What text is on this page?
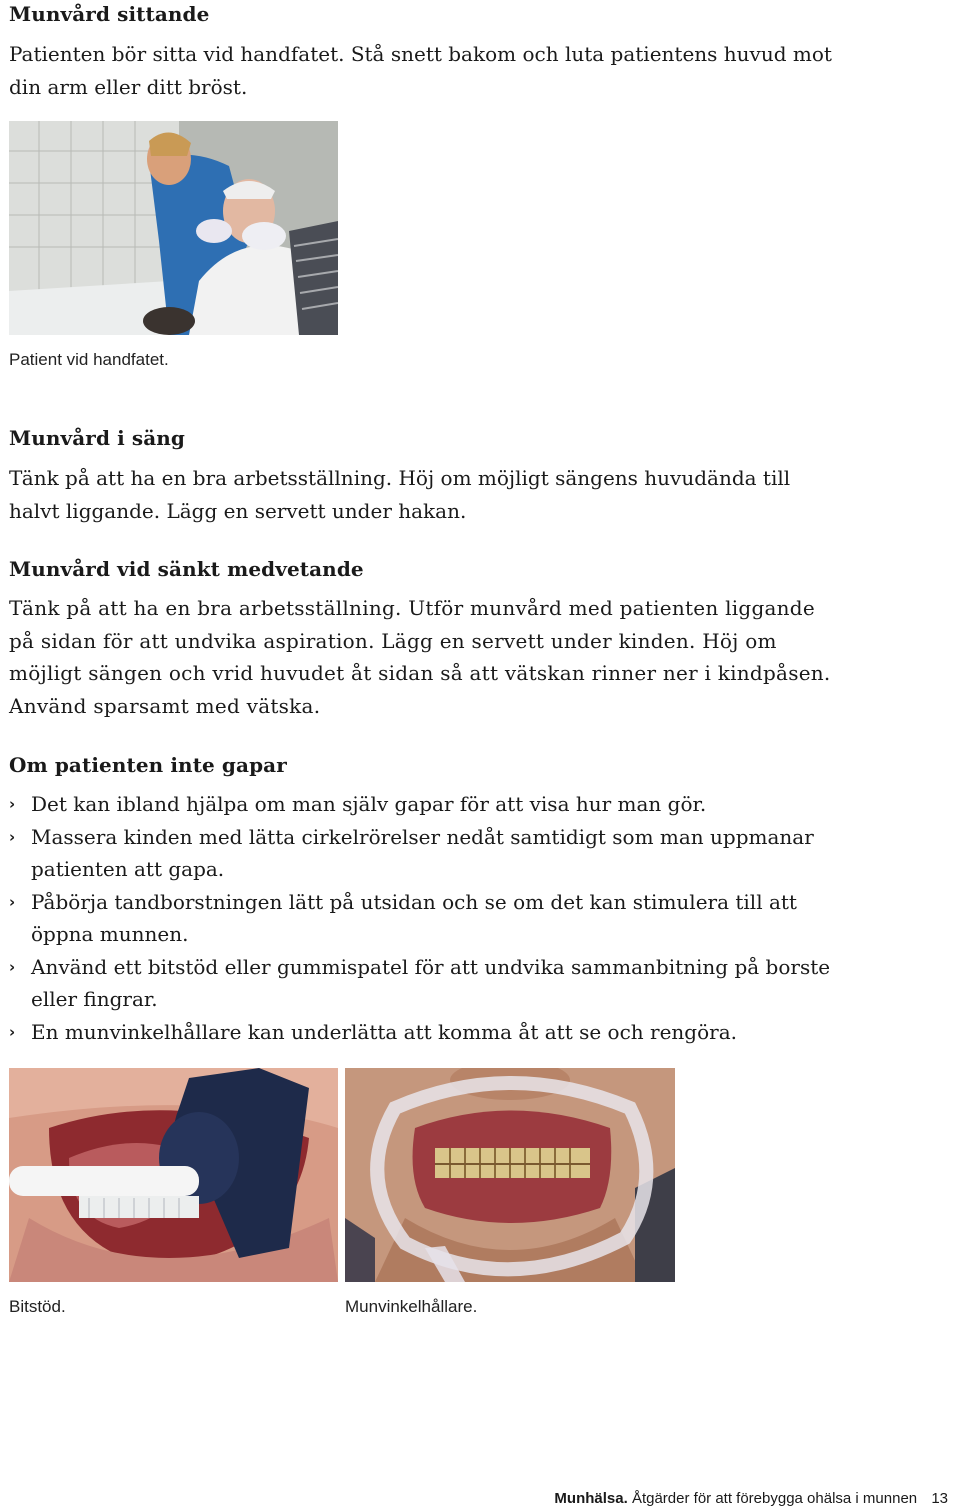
Munvård sittande

Patienten bör sitta vid handfatet. Stå snett bakom och luta patientens huvud mot din arm eller ditt bröst.

Patient vid handfatet.

Munvård i säng

Tänk på att ha en bra arbetsställning. Höj om möjligt sängens huvudända till halvt liggande. Lägg en servett under hakan.

Munvård vid sänkt medvetande

Tänk på att ha en bra arbetsställning. Utför munvård med patienten liggande på sidan för att undvika aspiration. Lägg en servett under kinden. Höj om möjligt sängen och vrid huvudet åt sidan så att vätskan rinner ner i kindpåsen. Använd sparsamt med vätska.

Om patienten inte gapar
› Det kan ibland hjälpa om man själv gapar för att visa hur man gör.
› Massera kinden med lätta cirkelrörelser nedåt samtidigt som man uppmanar patienten att gapa.
› Påbörja tandborstningen lätt på utsidan och se om det kan stimulera till att öppna munnen.
› Använd ett bitstöd eller gummispatel för att undvika sammanbitning på borste eller fingrar.
› En munvinkelhållare kan underlätta att komma åt att se och rengöra.

Bitstöd.	Munvinkelhållare.

Munhälsa. Åtgärder för att förebygga ohälsa i munnen 13
